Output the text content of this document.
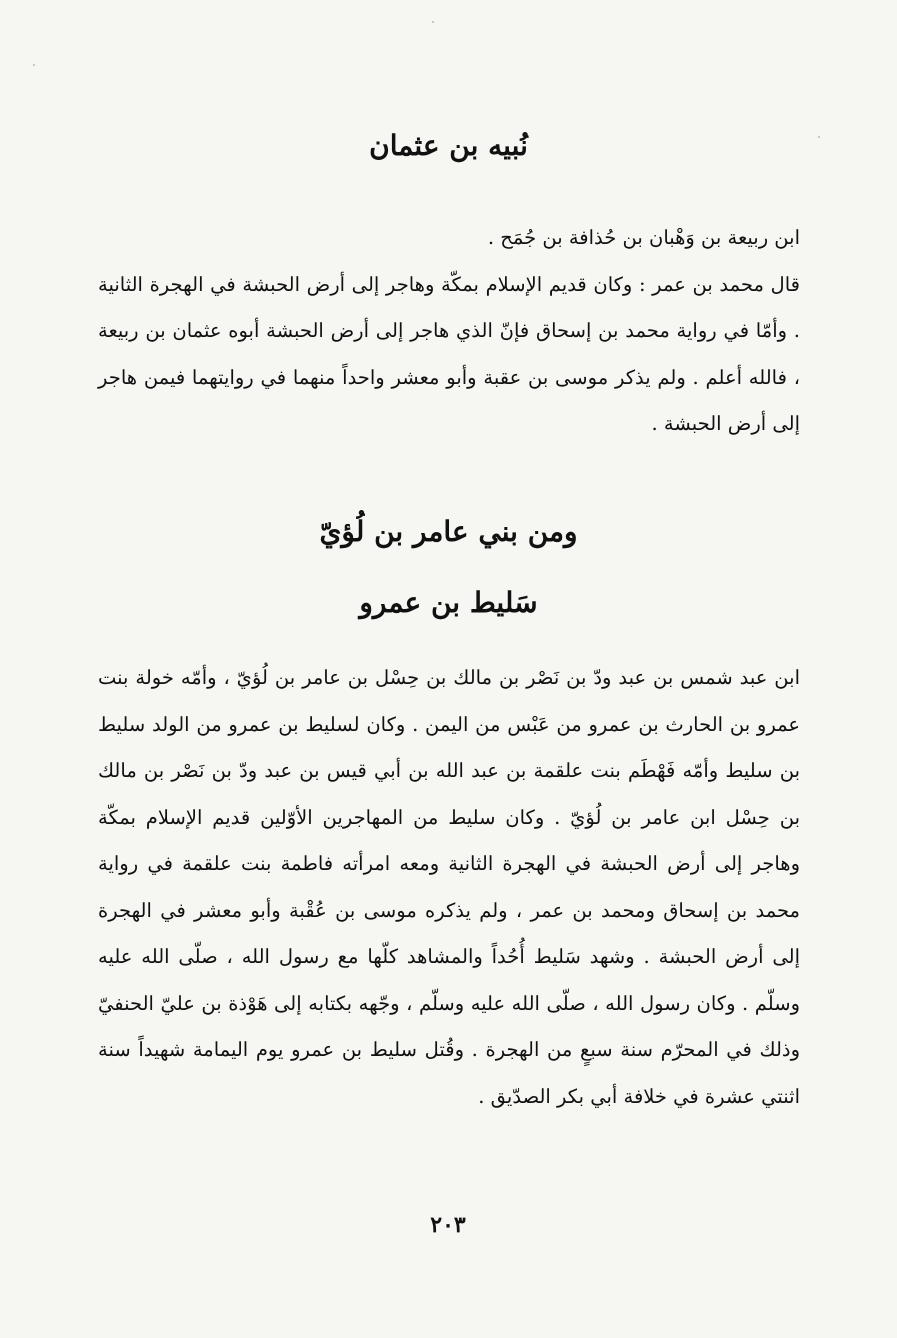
نُبيه بن عثمان

ابن ربيعة بن وَهْبان بن حُذافة بن جُمَح .

قال محمد بن عمر : وكان قديم الإسلام بمكّة وهاجر إلى أرض الحبشة في الهجرة الثانية . وأمّا في رواية محمد بن إسحاق فإنّ الذي هاجر إلى أرض الحبشة أبوه عثمان بن ربيعة ، فالله أعلم . ولم يذكر موسى بن عقبة وأبو معشر واحداً منهما في روايتهما فيمن هاجر إلى أرض الحبشة .

ومن بني عامر بن لُؤيّ
سَليط بن عمرو

ابن عبد شمس بن عبد ودّ بن نَصْر بن مالك بن حِسْل بن عامر بن لُؤيّ ، وأمّه خولة بنت عمرو بن الحارث بن عمرو من عَبْس من اليمن . وكان لسليط بن عمرو من الولد سليط بن سليط وأمّه فَهْطَم بنت علقمة بن عبد الله بن أبي قيس بن عبد ودّ بن نَصْر بن مالك بن حِسْل ابن عامر بن لُؤيّ . وكان سليط من المهاجرين الأوّلين قديم الإسلام بمكّة وهاجر إلى أرض الحبشة في الهجرة الثانية ومعه امرأته فاطمة بنت علقمة في رواية محمد بن إسحاق ومحمد بن عمر ، ولم يذكره موسى بن عُقْبة وأبو معشر في الهجرة إلى أرض الحبشة . وشهد سَليط أُحُداً والمشاهد كلّها مع رسول الله ، صلّى الله عليه وسلّم . وكان رسول الله ، صلّى الله عليه وسلّم ، وجّهه بكتابه إلى هَوْذة بن عليّ الحنفيّ وذلك في المحرّم سنة سبعٍ من الهجرة . وقُتل سليط بن عمرو يوم اليمامة شهيداً سنة اثنتي عشرة في خلافة أبي بكر الصدّيق .

٢٠٣
